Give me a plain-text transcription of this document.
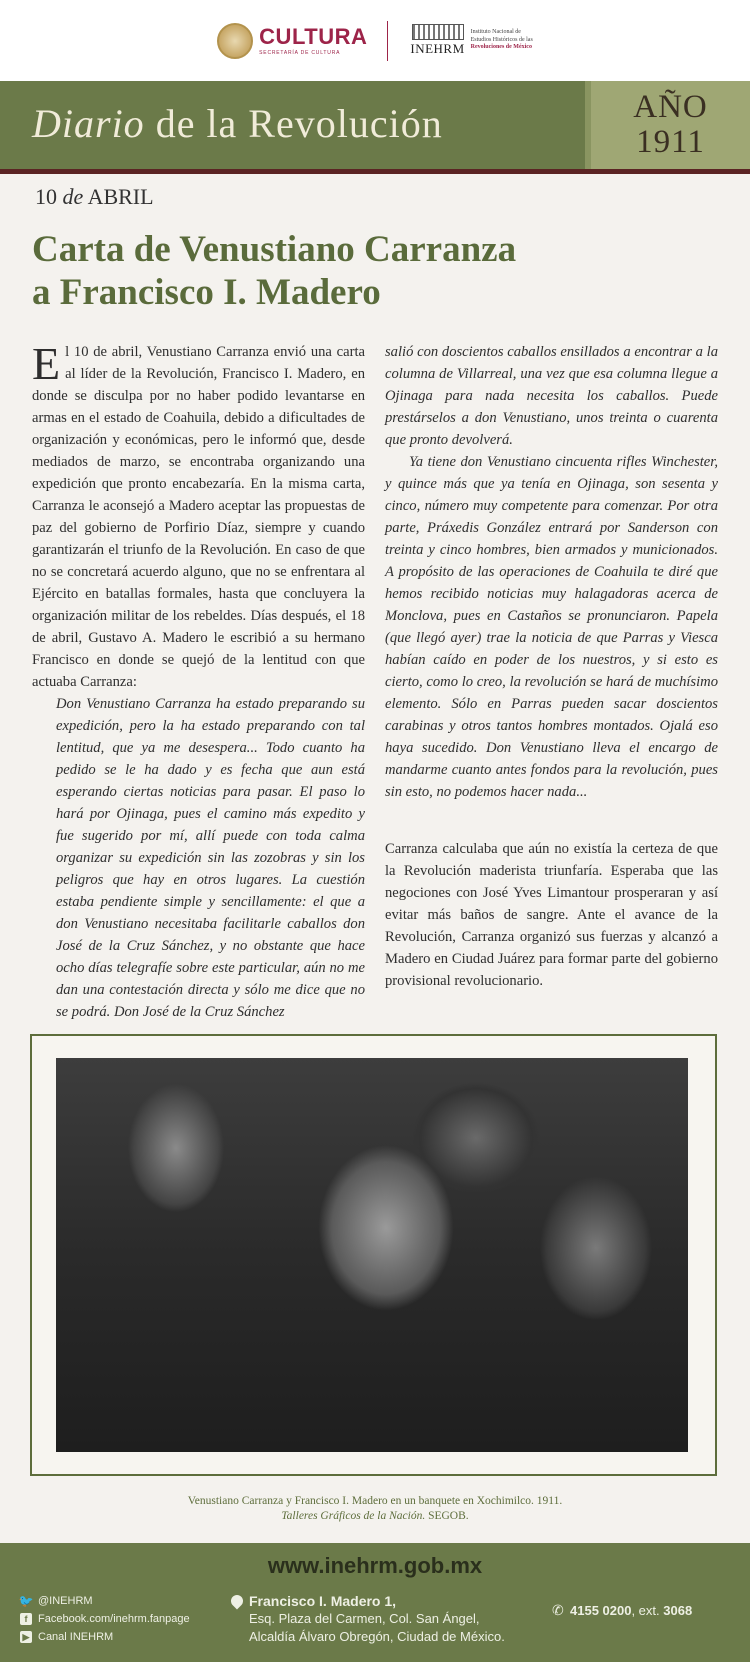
CULTURA
SECRETARÍA DE CULTURA	INEHRM
Instituto Nacional de
Estudios Históricos de las
Revoluciones de México
Diario de la Revolución	AÑO
1911
10 de ABRIL
Carta de Venustiano Carranza
a Francisco I. Madero

El 10 de abril, Venustiano Carranza envió una carta al líder de la Revolución, Francisco I. Madero, en donde se disculpa por no haber podido levantarse en armas en el estado de Coahuila, debido a dificultades de organización y económicas, pero le informó que, desde mediados de marzo, se encontraba organizando una expedición que pronto encabezaría. En la misma carta, Carranza le aconsejó a Madero aceptar las propuestas de paz del gobierno de Porfirio Díaz, siempre y cuando garantizarán el triunfo de la Revolución. En caso de que no se concretará acuerdo alguno, que no se enfrentara al Ejército en batallas formales, hasta que concluyera la organización militar de los rebeldes. Días después, el 18 de abril, Gustavo A. Madero le escribió a su hermano Francisco en donde se quejó de la lentitud con que actuaba Carranza:

Don Venustiano Carranza ha estado preparando su expedición, pero la ha estado preparando con tal lentitud, que ya me desespera... Todo cuanto ha pedido se le ha dado y es fecha que aun está esperando ciertas noticias para pasar. El paso lo hará por Ojinaga, pues el camino más expedito y fue sugerido por mí, allí puede con toda calma organizar su expedición sin las zozobras y sin los peligros que hay en otros lugares. La cuestión estaba pendiente simple y sencillamente: el que a don Venustiano necesitaba facilitarle caballos don José de la Cruz Sánchez, y no obstante que hace ocho días telegrafíe sobre este particular, aún no me dan una contestación directa y sólo me dice que no se podrá. Don José de la Cruz Sánchez

salió con doscientos caballos ensillados a encontrar a la columna de Villarreal, una vez que esa columna llegue a Ojinaga para nada necesita los caballos. Puede prestárselos a don Venustiano, unos treinta o cuarenta que pronto devolverá.

Ya tiene don Venustiano cincuenta rifles Winchester, y quince más que ya tenía en Ojinaga, son sesenta y cinco, número muy competente para comenzar. Por otra parte, Práxedis González entrará por Sanderson con treinta y cinco hombres, bien armados y municionados. A propósito de las operaciones de Coahuila te diré que hemos recibido noticias muy halagadoras acerca de Monclova, pues en Castaños se pronunciaron. Papela (que llegó ayer) trae la noticia de que Parras y Viesca habían caído en poder de los nuestros, y si esto es cierto, como lo creo, la revolución se hará de muchísimo elemento. Sólo en Parras pueden sacar doscientos carabinas y otros tantos hombres montados. Ojalá eso haya sucedido. Don Venustiano lleva el encargo de mandarme cuanto antes fondos para la revolución, pues sin esto, no podemos hacer nada...

Carranza calculaba que aún no existía la certeza de que la Revolución maderista triunfaría. Esperaba que las negociones con José Yves Limantour prosperaran y así evitar más baños de sangre. Ante el avance de la Revolución, Carranza organizó sus fuerzas y alcanzó a Madero en Ciudad Juárez para formar parte del gobierno provisional revolucionario.

Venustiano Carranza y Francisco I. Madero en un banquete en Xochimilco. 1911.
Talleres Gráficos de la Nación. SEGOB.
www.inehrm.gob.mx
🐦 @INEHRM
f Facebook.com/inehrm.fanpage
▶ Canal INEHRM
Francisco I. Madero 1,
Esq. Plaza del Carmen, Col. San Ángel,
Alcaldía Álvaro Obregón, Ciudad de México.
✆ 4155 0200, ext. 3068
